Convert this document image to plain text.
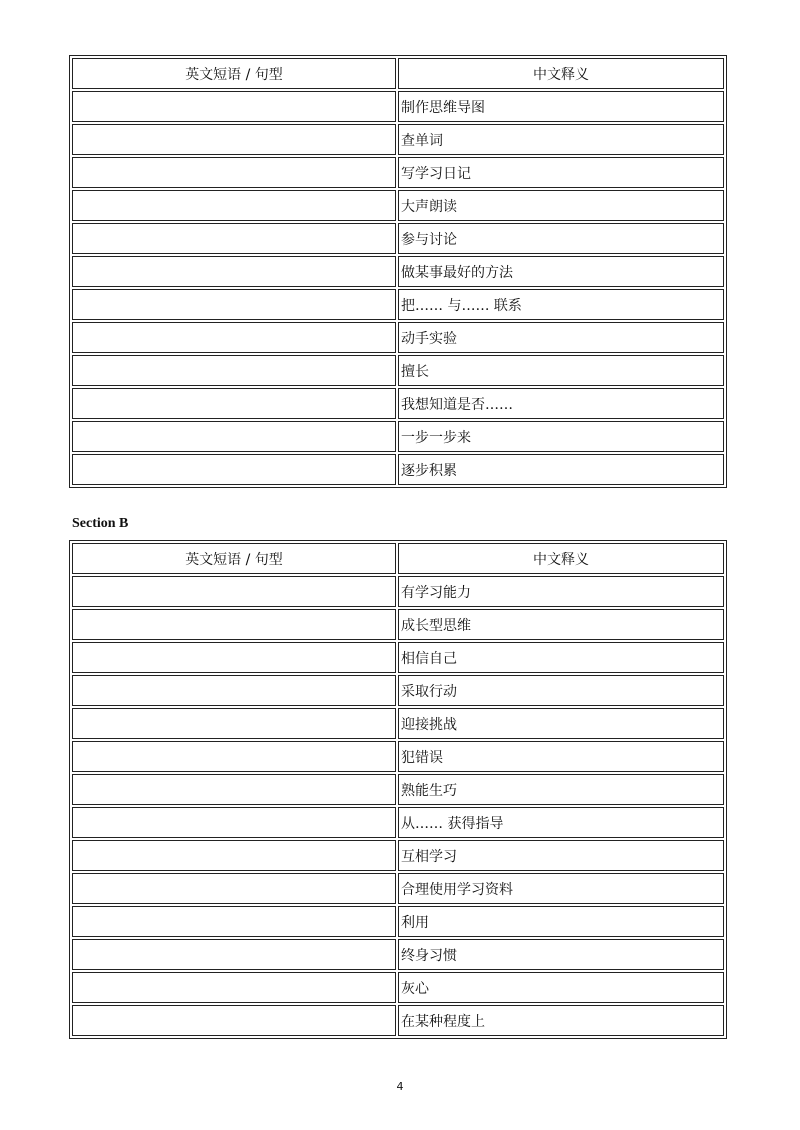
英文短语 / 句型	中文释义
	制作思维导图
	查单词
	写学习日记
	大声朗读
	参与讨论
	做某事最好的方法
	把…… 与…… 联系
	动手实验
	擅长
	我想知道是否……
	一步一步来
	逐步积累
Section B
英文短语 / 句型	中文释义
	有学习能力
	成长型思维
	相信自己
	采取行动
	迎接挑战
	犯错误
	熟能生巧
	从…… 获得指导
	互相学习
	合理使用学习资料
	利用
	终身习惯
	灰心
	在某种程度上
4
